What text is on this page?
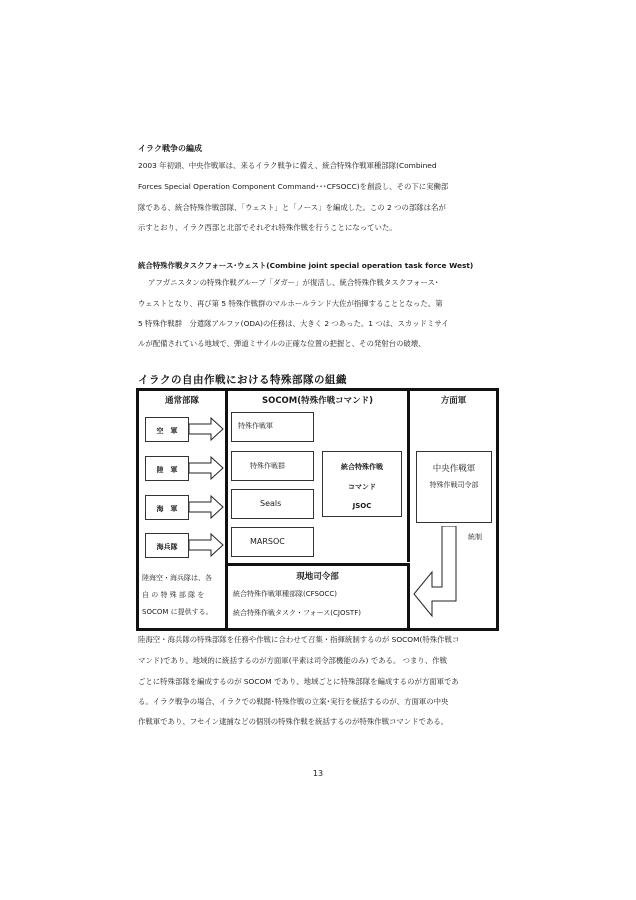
イラク戦争の編成
2003 年初頭、中央作戦軍は、来るイラク戦争に備え、統合特殊作戦軍種部隊(Combined
Forces Special Operation Component Command･･･CFSOCC)を創設し、その下に実働部
隊である、統合特殊作戦部隊、「ウェスト」と「ノース」を編成した。この 2 つの部隊は名が
示すとおり、イラク西部と北部でそれぞれ特殊作戦を行うことになっていた。
統合特殊作戦タスクフォース･ウェスト(Combine joint special operation task force West)
アフガニスタンの特殊作戦グループ「ダガー」が復活し、統合特殊作戦タスクフォース･
ウェストとなり、再び第 5 特殊作戦群のマルホールランド大佐が指揮することとなった。第
5 特殊作戦群　分遣隊アルファ(ODA)の任務は、大きく 2 つあった。1 つは、スカッドミサイ
ルが配備されている地域で、弾道ミサイルの正確な位置の把握と、その発射台の破壊、
イラクの自由作戦における特殊部隊の組織
通常部隊
空　軍
陸　軍
海　軍
海兵隊
陸海空・海兵隊は、各
自 の 特 殊 部 隊 を
SOCOM に提供する。
SOCOM(特殊作戦コマンド)
特殊作戦軍
特殊作戦群
Seals
MARSOC
統合特殊作戦
コマンド
JSOC
方面軍
中央作戦軍
特殊作戦司令部
統制
現地司令部
統合特殊作戦軍種部隊(CFSOCC)
統合特殊作戦タスク・フォース(CJOSTF)
陸海空・海兵隊の特殊部隊を任務や作戦に合わせて召集・指揮統制するのが SOCOM(特殊作戦コ
マンド)であり、地域的に統括するのが方面軍(平素は司令部機能のみ) である。 つまり、作戦
ごとに特殊部隊を編成するのが SOCOM であり、地域ごとに特殊部隊を編成するのが方面軍であ
る。イラク戦争の場合、イラクでの戦闘･特殊作戦の立案･実行を統括するのが、方面軍の中央
作戦軍であり、フセイン逮捕などの個別の特殊作戦を統括するのが特殊作戦コマンドである。
13
